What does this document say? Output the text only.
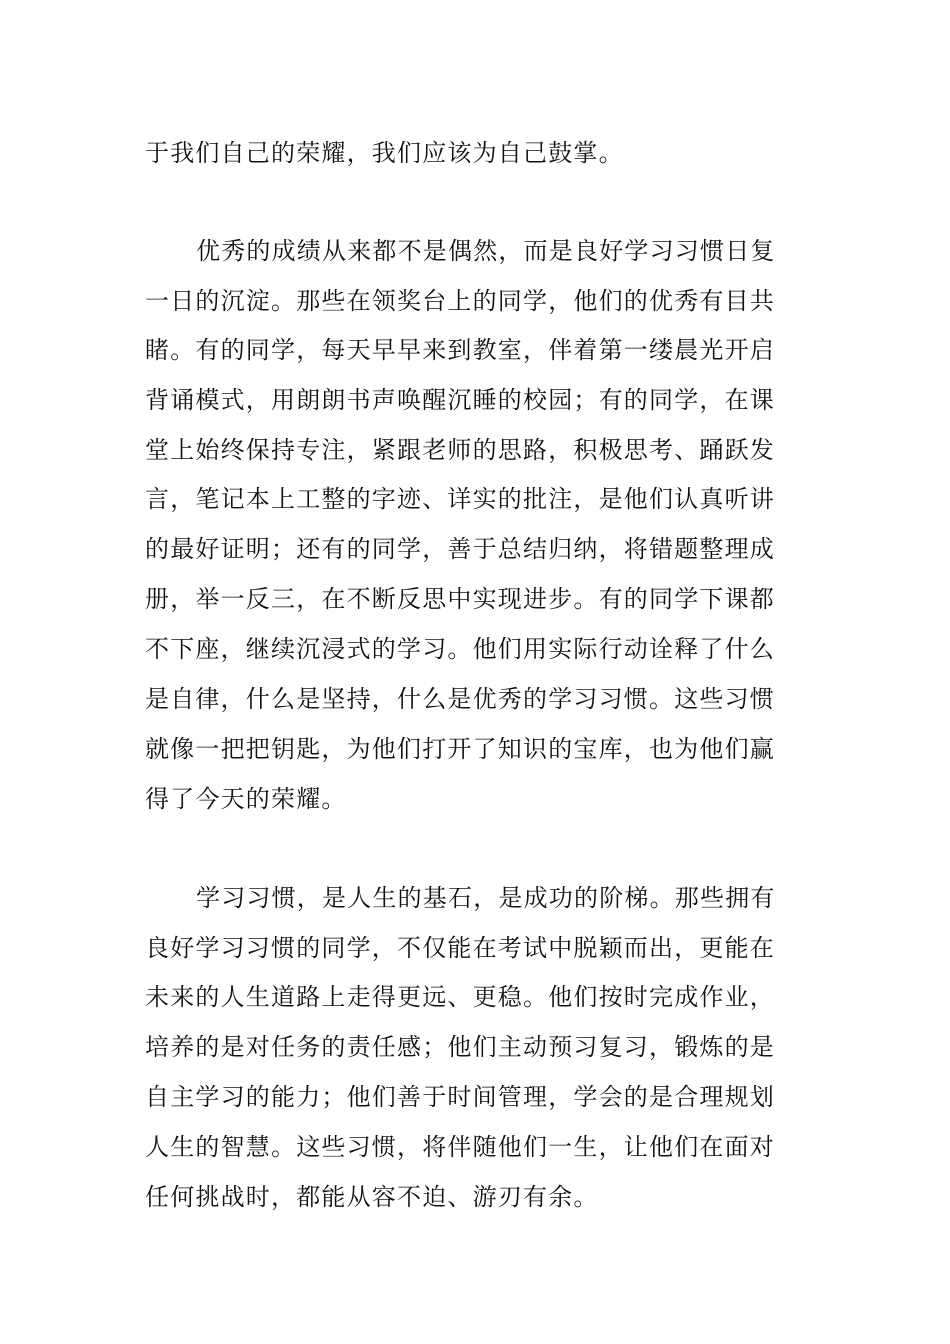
于我们自己的荣耀，我们应该为自己鼓掌。
优秀的成绩从来都不是偶然，而是良好学习习惯日复
一日的沉淀。那些在领奖台上的同学，他们的优秀有目共
睹。有的同学，每天早早来到教室，伴着第一缕晨光开启
背诵模式，用朗朗书声唤醒沉睡的校园；有的同学，在课
堂上始终保持专注，紧跟老师的思路，积极思考、踊跃发
言，笔记本上工整的字迹、详实的批注，是他们认真听讲
的最好证明；还有的同学，善于总结归纳，将错题整理成
册，举一反三，在不断反思中实现进步。有的同学下课都
不下座，继续沉浸式的学习。他们用实际行动诠释了什么
是自律，什么是坚持，什么是优秀的学习习惯。这些习惯
就像一把把钥匙，为他们打开了知识的宝库，也为他们赢
得了今天的荣耀。
学习习惯，是人生的基石，是成功的阶梯。那些拥有
良好学习习惯的同学，不仅能在考试中脱颖而出，更能在
未来的人生道路上走得更远、更稳。他们按时完成作业，
培养的是对任务的责任感；他们主动预习复习，锻炼的是
自主学习的能力；他们善于时间管理，学会的是合理规划
人生的智慧。这些习惯，将伴随他们一生，让他们在面对
任何挑战时，都能从容不迫、游刃有余。
